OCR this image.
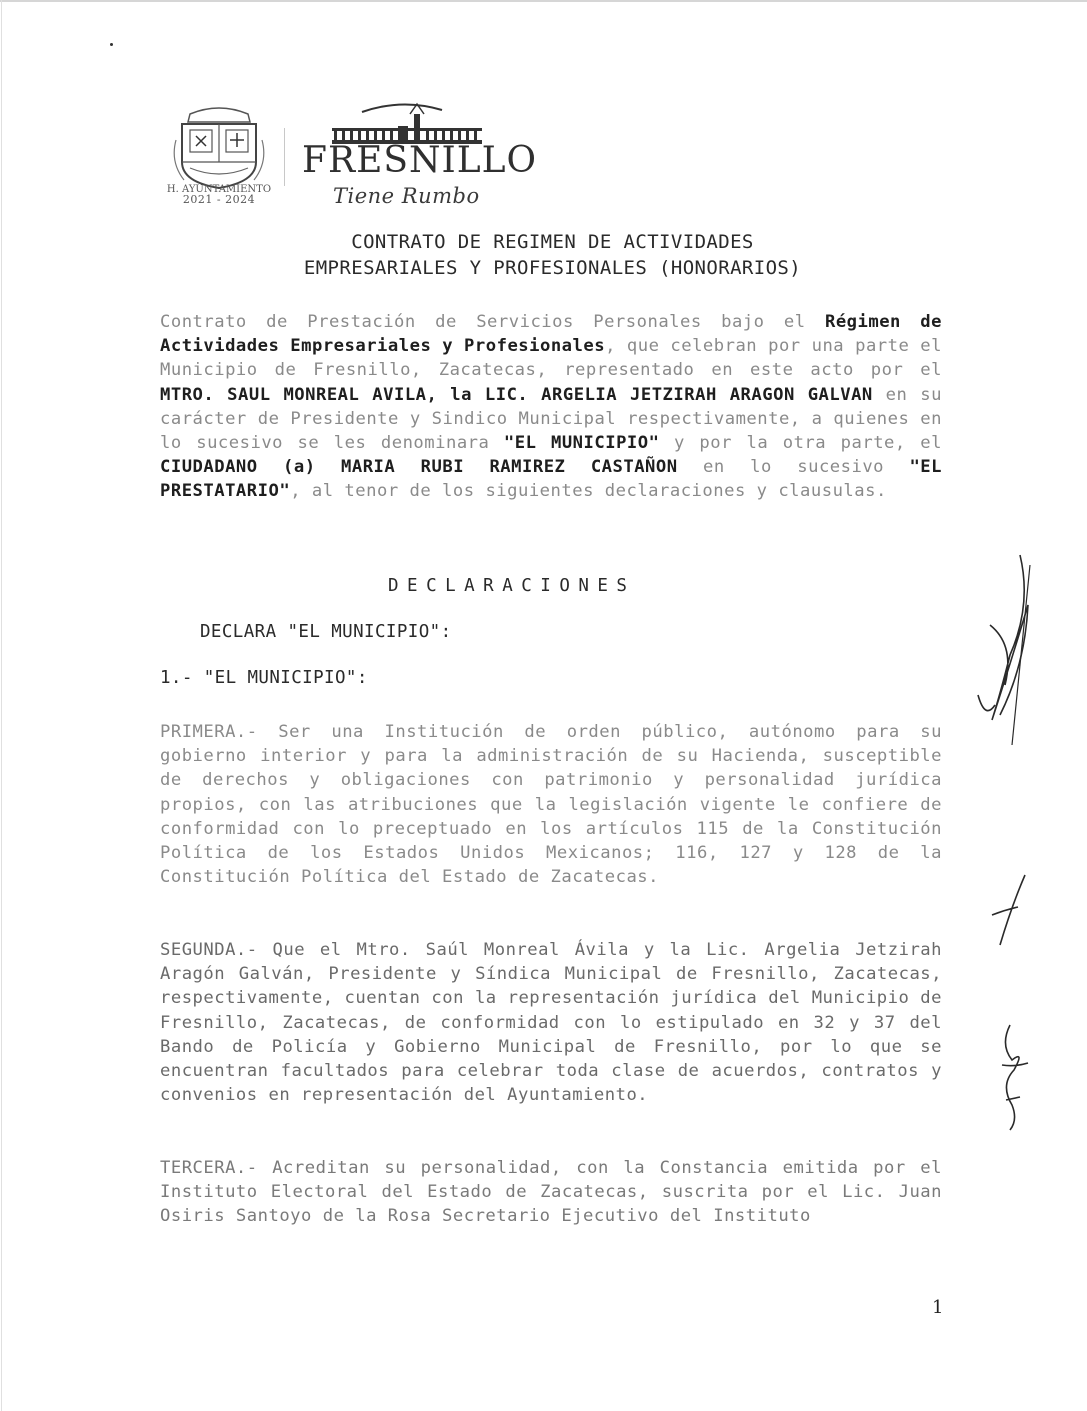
H. AYUNTAMIENTO
2021 - 2024
FRESNILLO
Tiene Rumbo
CONTRATO DE REGIMEN DE ACTIVIDADES
EMPRESARIALES Y PROFESIONALES (HONORARIOS)

Contrato de Prestación de Servicios Personales bajo el Régimen de Actividades Empresariales y Profesionales, que celebran por una parte el Municipio de Fresnillo, Zacatecas, representado en este acto por el MTRO. SAUL MONREAL AVILA, la LIC. ARGELIA JETZIRAH ARAGON GALVAN en su carácter de Presidente y Sindico Municipal respectivamente, a quienes en lo sucesivo se les denominara "EL MUNICIPIO" y por la otra parte, el CIUDADANO (a) MARIA RUBI RAMIREZ CASTAÑON en lo sucesivo "EL PRESTATARIO", al tenor de los siguientes declaraciones y clausulas.

DECLARACIONES
DECLARA "EL MUNICIPIO":
1.- "EL MUNICIPIO":

PRIMERA.- Ser una Institución de orden público, autónomo para su gobierno interior y para la administración de su Hacienda, susceptible de derechos y obligaciones con patrimonio y personalidad jurídica propios, con las atribuciones que la legislación vigente le confiere de conformidad con lo preceptuado en los artículos 115 de la Constitución Política de los Estados Unidos Mexicanos; 116, 127 y 128 de la Constitución Política del Estado de Zacatecas.

SEGUNDA.- Que el Mtro. Saúl Monreal Ávila y la Lic. Argelia Jetzirah Aragón Galván, Presidente y Síndica Municipal de Fresnillo, Zacatecas, respectivamente, cuentan con la representación jurídica del Municipio de Fresnillo, Zacatecas, de conformidad con lo estipulado en 32 y 37 del Bando de Policía y Gobierno Municipal de Fresnillo, por lo que se encuentran facultados para celebrar toda clase de acuerdos, contratos y convenios en representación del Ayuntamiento.

TERCERA.- Acreditan su personalidad, con la Constancia emitida por el Instituto Electoral del Estado de Zacatecas, suscrita por el Lic. Juan Osiris Santoyo de la Rosa Secretario Ejecutivo del Instituto

1
